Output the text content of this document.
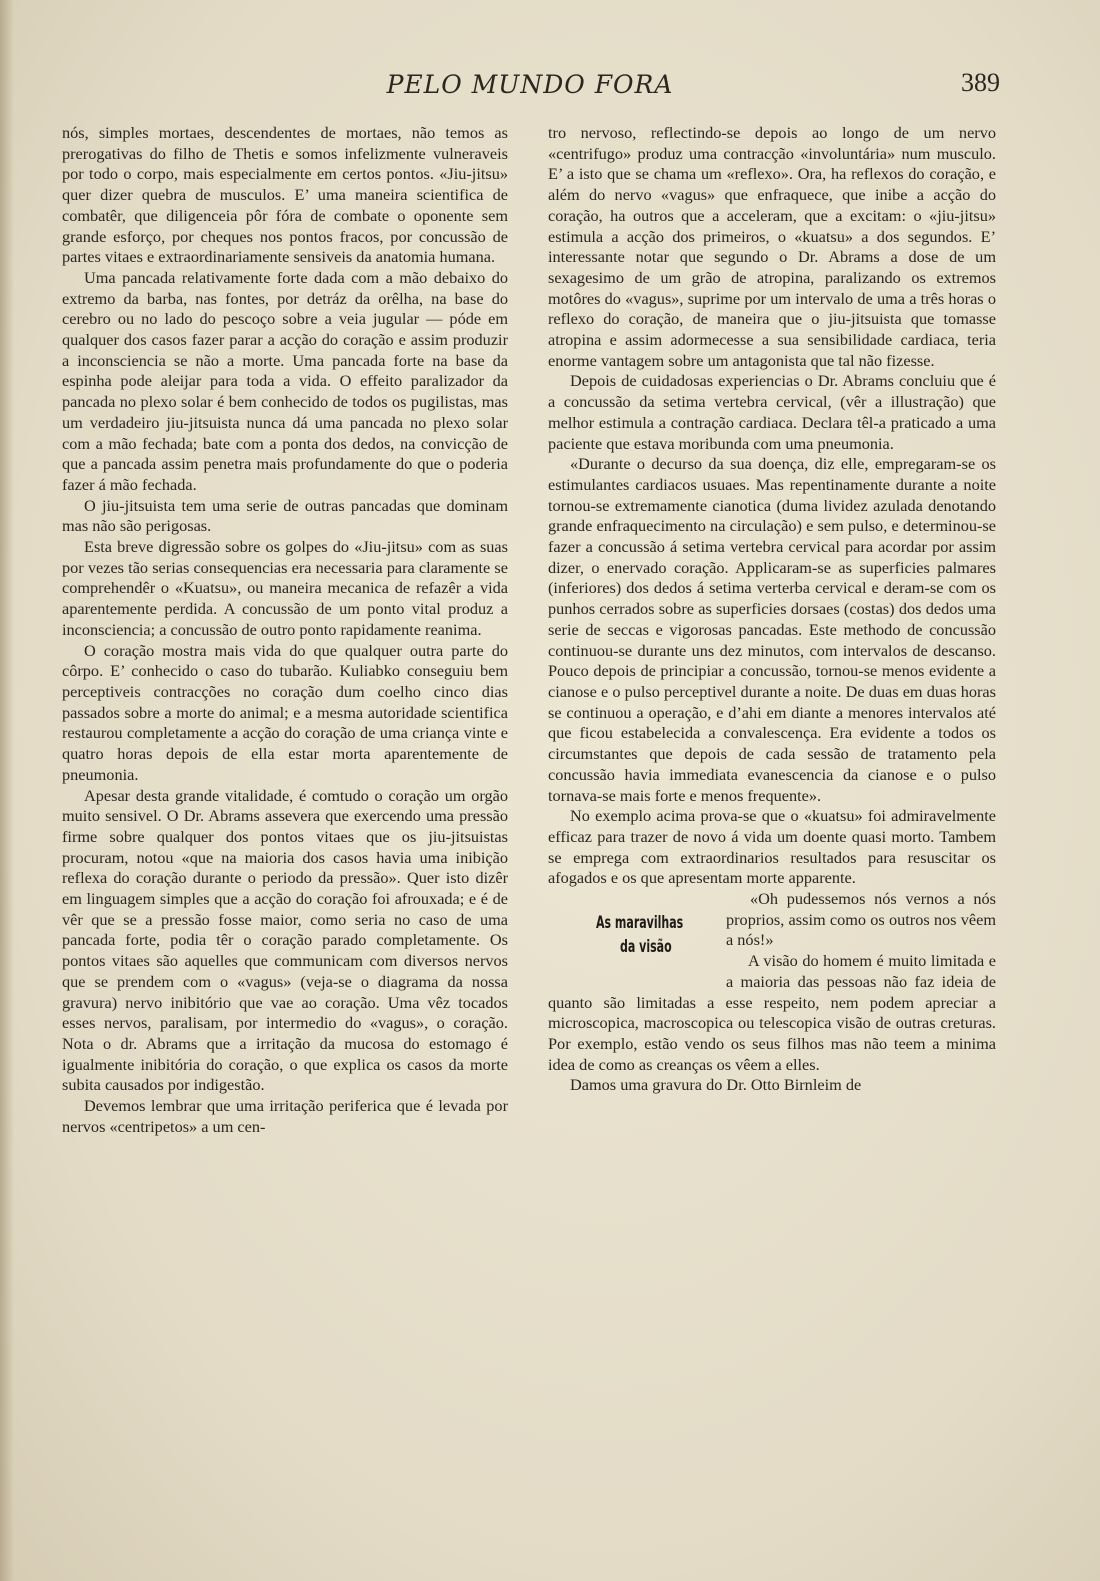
PELO MUNDO FORA	389

nós, simples mortaes, descendentes de mortaes, não temos as prerogativas do filho de Thetis e somos infelizmente vulneraveis por todo o corpo, mais especialmente em certos pontos. «Jiu-jitsu» quer dizer quebra de musculos. E’ uma maneira scientifica de combatêr, que diligenceia pôr fóra de combate o oponente sem grande esforço, por cheques nos pontos fracos, por concussão de partes vitaes e extraordinariamente sensiveis da anatomia humana.

Uma pancada relativamente forte dada com a mão debaixo do extremo da barba, nas fontes, por detráz da orêlha, na base do cerebro ou no lado do pescoço sobre a veia jugular — póde em qualquer dos casos fazer parar a acção do coração e assim produzir a inconsciencia se não a morte. Uma pancada forte na base da espinha pode aleijar para toda a vida. O effeito paralizador da pancada no plexo solar é bem conhecido de todos os pugilistas, mas um verdadeiro jiu-jitsuista nunca dá uma pancada no plexo solar com a mão fechada; bate com a ponta dos dedos, na convicção de que a pancada assim penetra mais profundamente do que o poderia fazer á mão fechada.

O jiu-jitsuista tem uma serie de outras pancadas que dominam mas não são perigosas.

Esta breve digressão sobre os golpes do «Jiu-jitsu» com as suas por vezes tão serias consequencias era necessaria para claramente se comprehendêr o «Kuatsu», ou maneira mecanica de refazêr a vida aparentemente perdida. A concussão de um ponto vital produz a inconsciencia; a concussão de outro ponto rapidamente reanima.

O coração mostra mais vida do que qualquer outra parte do côrpo. E’ conhecido o caso do tubarão. Kuliabko conseguiu bem perceptiveis contracções no coração dum coelho cinco dias passados sobre a morte do animal; e a mesma autoridade scientifica restaurou completamente a acção do coração de uma criança vinte e quatro horas depois de ella estar morta aparentemente de pneumonia.

Apesar desta grande vitalidade, é comtudo o coração um orgão muito sensivel. O Dr. Abrams assevera que exercendo uma pressão firme sobre qualquer dos pontos vitaes que os jiu-jitsuistas procuram, notou «que na maioria dos casos havia uma inibição reflexa do coração durante o periodo da pressão». Quer isto dizêr em linguagem simples que a acção do coração foi afrouxada; e é de vêr que se a pressão fosse maior, como seria no caso de uma pancada forte, podia têr o coração parado completamente. Os pontos vitaes são aquelles que communicam com diversos nervos que se prendem com o «vagus» (veja-se o diagrama da nossa gravura) nervo inibitório que vae ao coração. Uma vêz tocados esses nervos, paralisam, por intermedio do «vagus», o coração. Nota o dr. Abrams que a irritação da mucosa do estomago é igualmente inibitória do coração, o que explica os casos da morte subita causados por indigestão.

Devemos lembrar que uma irritação periferica que é levada por nervos «centripetos» a um cen-

tro nervoso, reflectindo-se depois ao longo de um nervo «centrifugo» produz uma contracção «involuntária» num musculo. E’ a isto que se chama um «reflexo». Ora, ha reflexos do coração, e além do nervo «vagus» que enfraquece, que inibe a acção do coração, ha outros que a acceleram, que a excitam: o «jiu-jitsu» estimula a acção dos primeiros, o «kuatsu» a dos segundos. E’ interessante notar que segundo o Dr. Abrams a dose de um sexagesimo de um grão de atropina, paralizando os extremos motôres do «vagus», suprime por um intervalo de uma a três horas o reflexo do coração, de maneira que o jiu-jitsuista que tomasse atropina e assim adormecesse a sua sensibilidade cardiaca, teria enorme vantagem sobre um antagonista que tal não fizesse.

Depois de cuidadosas experiencias o Dr. Abrams concluiu que é a concussão da setima vertebra cervical, (vêr a illustração) que melhor estimula a contração cardiaca. Declara têl-a praticado a uma paciente que estava moribunda com uma pneumonia.

«Durante o decurso da sua doença, diz elle, empregaram-se os estimulantes cardiacos usuaes. Mas repentinamente durante a noite tornou-se extremamente cianotica (duma lividez azulada denotando grande enfraquecimento na circulação) e sem pulso, e determinou-se fazer a concussão á setima vertebra cervical para acordar por assim dizer, o enervado coração. Applicaram-se as superficies palmares (inferiores) dos dedos á setima verterba cervical e deram-se com os punhos cerrados sobre as superficies dorsaes (costas) dos dedos uma serie de seccas e vigorosas pancadas. Este methodo de concussão continuou-se durante uns dez minutos, com intervalos de descanso. Pouco depois de principiar a concussão, tornou-se menos evidente a cianose e o pulso perceptivel durante a noite. De duas em duas horas se continuou a operação, e d’ahi em diante a menores intervalos até que ficou estabelecida a convalescença. Era evidente a todos os circumstantes que depois de cada sessão de tratamento pela concussão havia immediata evanescencia da cianose e o pulso tornava-se mais forte e menos frequente».

No exemplo acima prova-se que o «kuatsu» foi admiravelmente efficaz para trazer de novo á vida um doente quasi morto. Tambem se emprega com extraordinarios resultados para resuscitar os afogados e os que apresentam morte apparente.

As maravilhas
da visão

«Oh pudessemos nós vernos a nós proprios, assim como os outros nos vêem a nós!»

A visão do homem é muito limitada e a maioria das pessoas não faz ideia de quanto são limitadas a esse respeito, nem podem apreciar a microscopica, macroscopica ou telescopica visão de outras creturas. Por exemplo, estão vendo os seus filhos mas não teem a minima idea de como as creanças os vêem a elles.

Damos uma gravura do Dr. Otto Birnleim de
